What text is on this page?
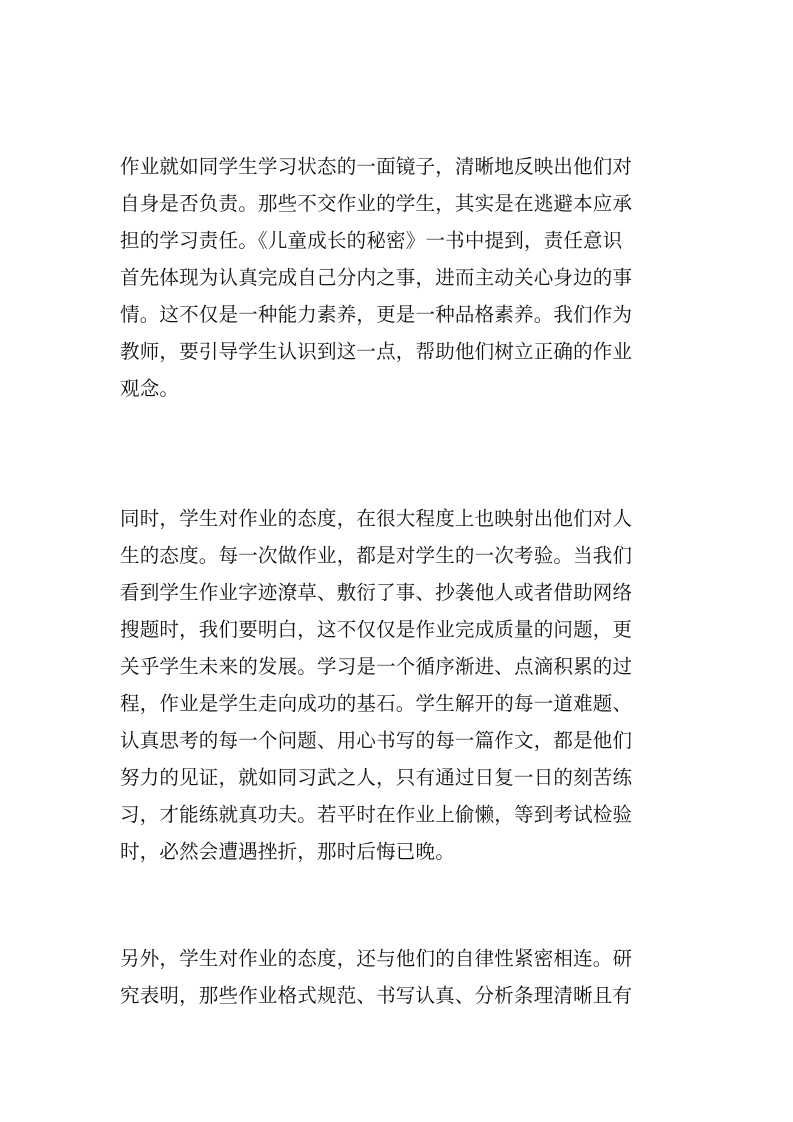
作业就如同学生学习状态的一面镜子，清晰地反映出他们对
自身是否负责。那些不交作业的学生，其实是在逃避本应承
担的学习责任。《儿童成长的秘密》一书中提到，责任意识
首先体现为认真完成自己分内之事，进而主动关心身边的事
情。这不仅是一种能力素养，更是一种品格素养。我们作为
教师，要引导学生认识到这一点，帮助他们树立正确的作业
观念。
同时，学生对作业的态度，在很大程度上也映射出他们对人
生的态度。每一次做作业，都是对学生的一次考验。当我们
看到学生作业字迹潦草、敷衍了事、抄袭他人或者借助网络
搜题时，我们要明白，这不仅仅是作业完成质量的问题，更
关乎学生未来的发展。学习是一个循序渐进、点滴积累的过
程，作业是学生走向成功的基石。学生解开的每一道难题、
认真思考的每一个问题、用心书写的每一篇作文，都是他们
努力的见证，就如同习武之人，只有通过日复一日的刻苦练
习，才能练就真功夫。若平时在作业上偷懒，等到考试检验
时，必然会遭遇挫折，那时后悔已晚。
另外，学生对作业的态度，还与他们的自律性紧密相连。研
究表明，那些作业格式规范、书写认真、分析条理清晰且有
